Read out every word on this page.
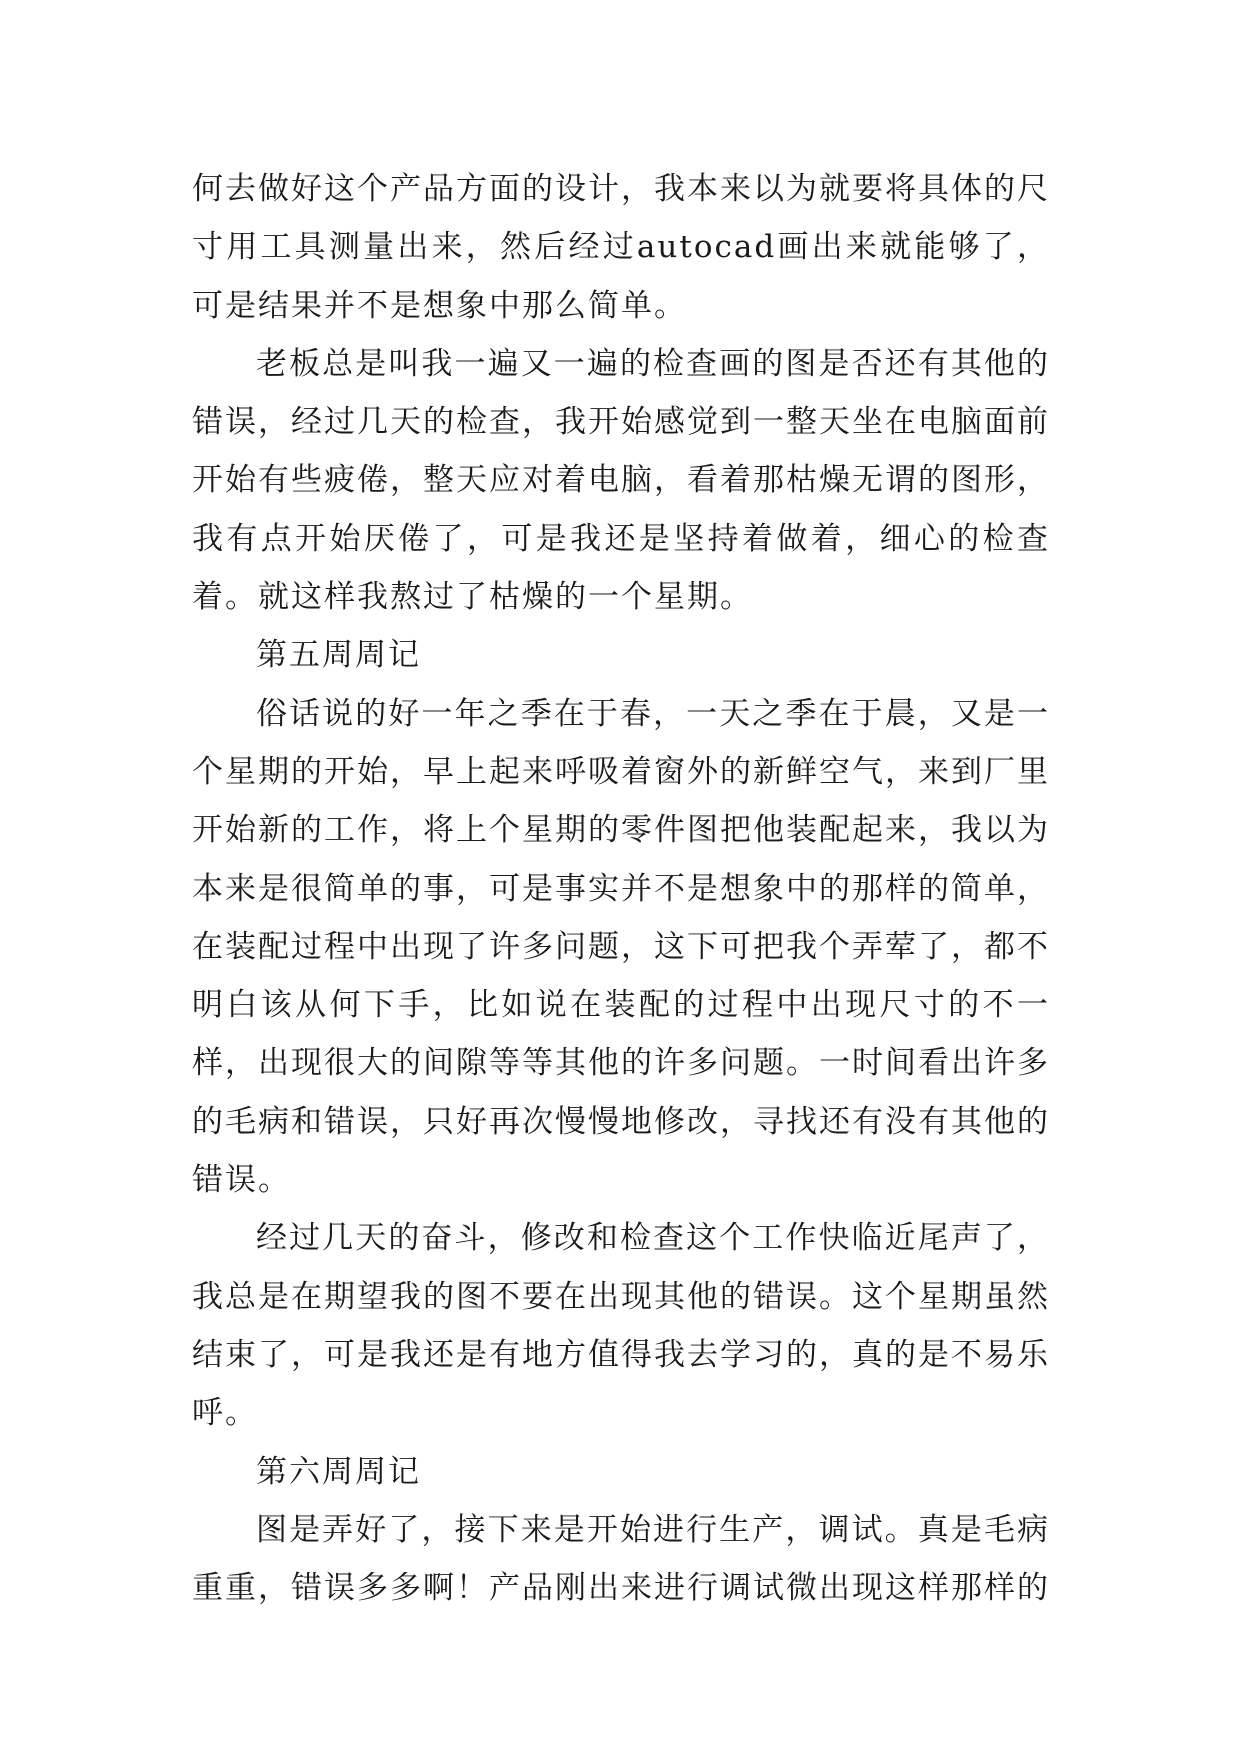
何去做好这个产品方面的设计，我本来以为就要将具体的尺寸用工具测量出来，然后经过autocad画出来就能够了，可是结果并不是想象中那么简单。

老板总是叫我一遍又一遍的检查画的图是否还有其他的错误，经过几天的检查，我开始感觉到一整天坐在电脑面前开始有些疲倦，整天应对着电脑，看着那枯燥无谓的图形，我有点开始厌倦了，可是我还是坚持着做着，细心的检查着。就这样我熬过了枯燥的一个星期。

第五周周记

俗话说的好一年之季在于春，一天之季在于晨，又是一个星期的开始，早上起来呼吸着窗外的新鲜空气，来到厂里开始新的工作，将上个星期的零件图把他装配起来，我以为本来是很简单的事，可是事实并不是想象中的那样的简单，在装配过程中出现了许多问题，这下可把我个弄荤了，都不明白该从何下手，比如说在装配的过程中出现尺寸的不一样，出现很大的间隙等等其他的许多问题。一时间看出许多的毛病和错误，只好再次慢慢地修改，寻找还有没有其他的错误。

经过几天的奋斗，修改和检查这个工作快临近尾声了，我总是在期望我的图不要在出现其他的错误。这个星期虽然结束了，可是我还是有地方值得我去学习的，真的是不易乐呼。

第六周周记

图是弄好了，接下来是开始进行生产，调试。真是毛病重重，错误多多啊！产品刚出来进行调试微出现这样那样的
